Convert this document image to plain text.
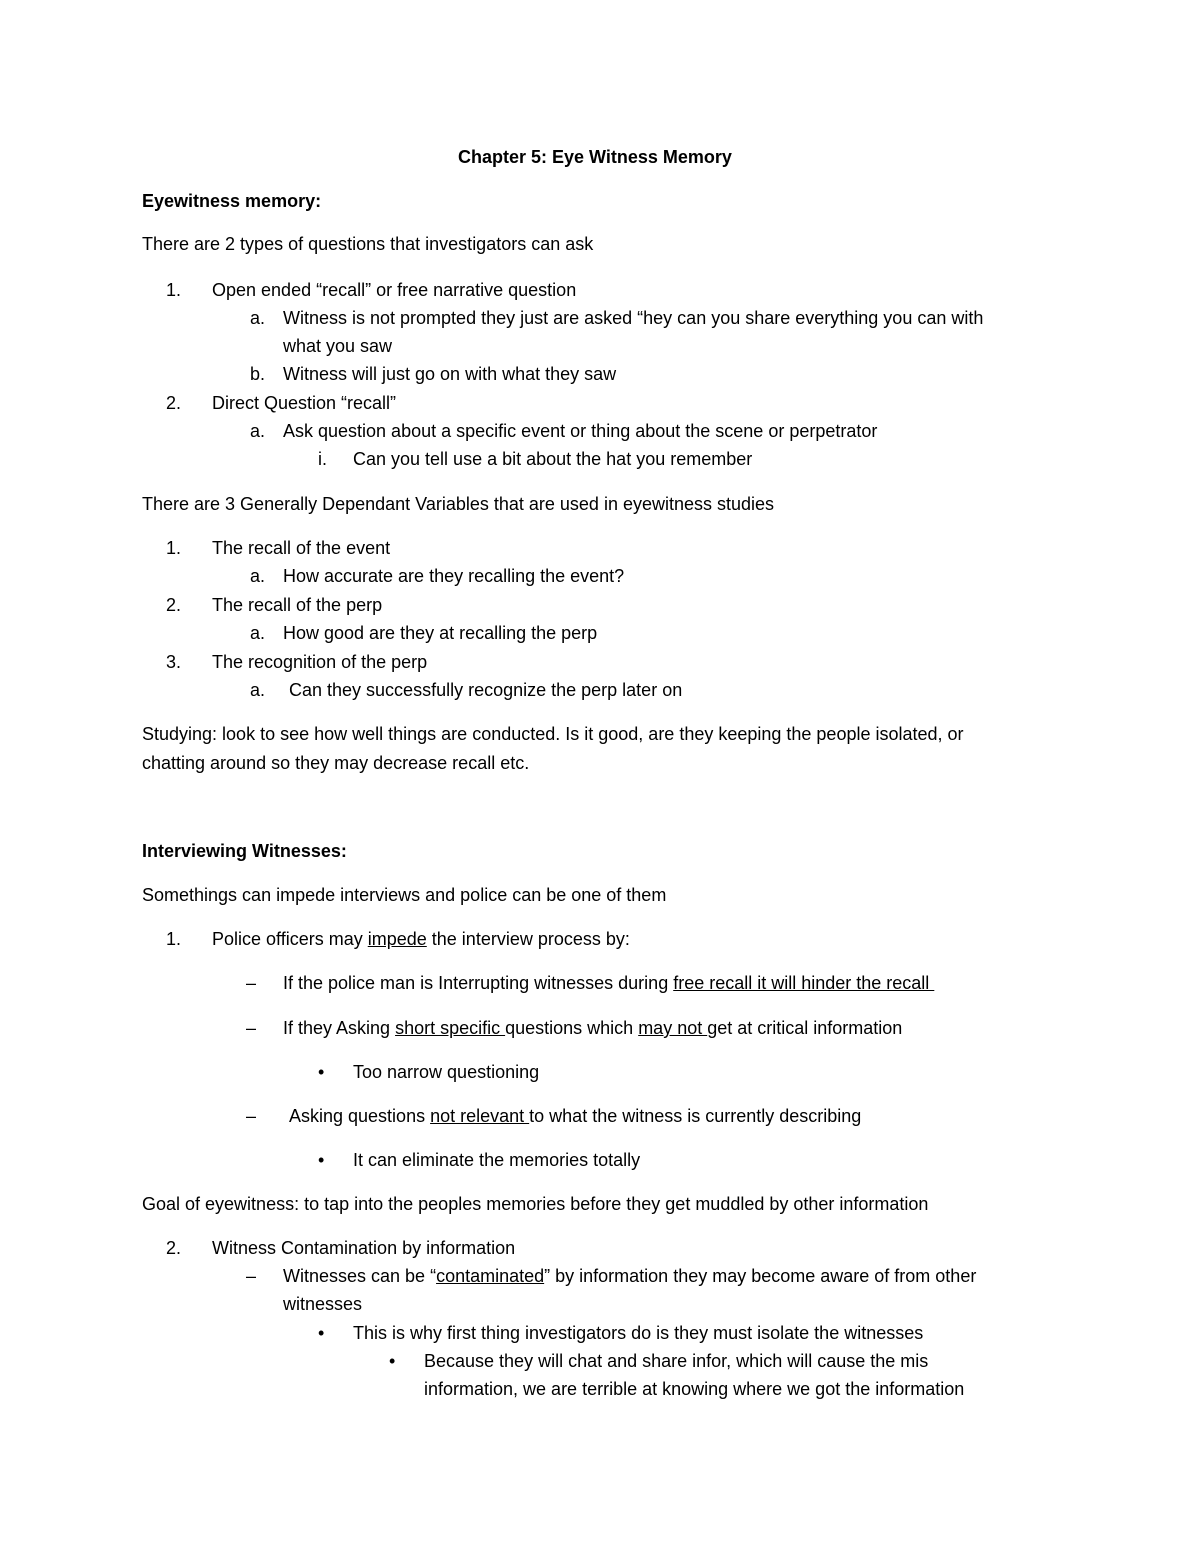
Chapter 5: Eye Witness Memory
Eyewitness memory:
There are 2 types of questions that investigators can ask
1.	Open ended “recall” or free narrative question
a. Witness is not prompted they just are asked “hey can you share everything you can with
what you saw
b. Witness will just go on with what they saw
2.	Direct Question “recall”
a. Ask question about a specific event or thing about the scene or perpetrator
i. Can you tell use a bit about the hat you remember
There are 3 Generally Dependant Variables that are used in eyewitness studies
1.	The recall of the event
a. How accurate are they recalling the event?
2.	The recall of the perp
a. How good are they at recalling the perp
3.	The recognition of the perp
a.	Can they successfully recognize the perp later on
Studying: look to see how well things are conducted. Is it good, are they keeping the people isolated, or
chatting around so they may decrease recall etc.
Interviewing Witnesses:
Somethings can impede interviews and police can be one of them
1.	Police officers may impede the interview process by:
– If the police man is Interrupting witnesses during free recall it will hinder the recall
– If they Asking short specific questions which may not get at critical information
• Too narrow questioning
– Asking questions not relevant to what the witness is currently describing
• It can eliminate the memories totally
Goal of eyewitness: to tap into the peoples memories before they get muddled by other information
2.	Witness Contamination by information
– Witnesses can be “contaminated” by information they may become aware of from other
witnesses
• This is why first thing investigators do is they must isolate the witnesses
• Because they will chat and share infor, which will cause the mis
information, we are terrible at knowing where we got the information
